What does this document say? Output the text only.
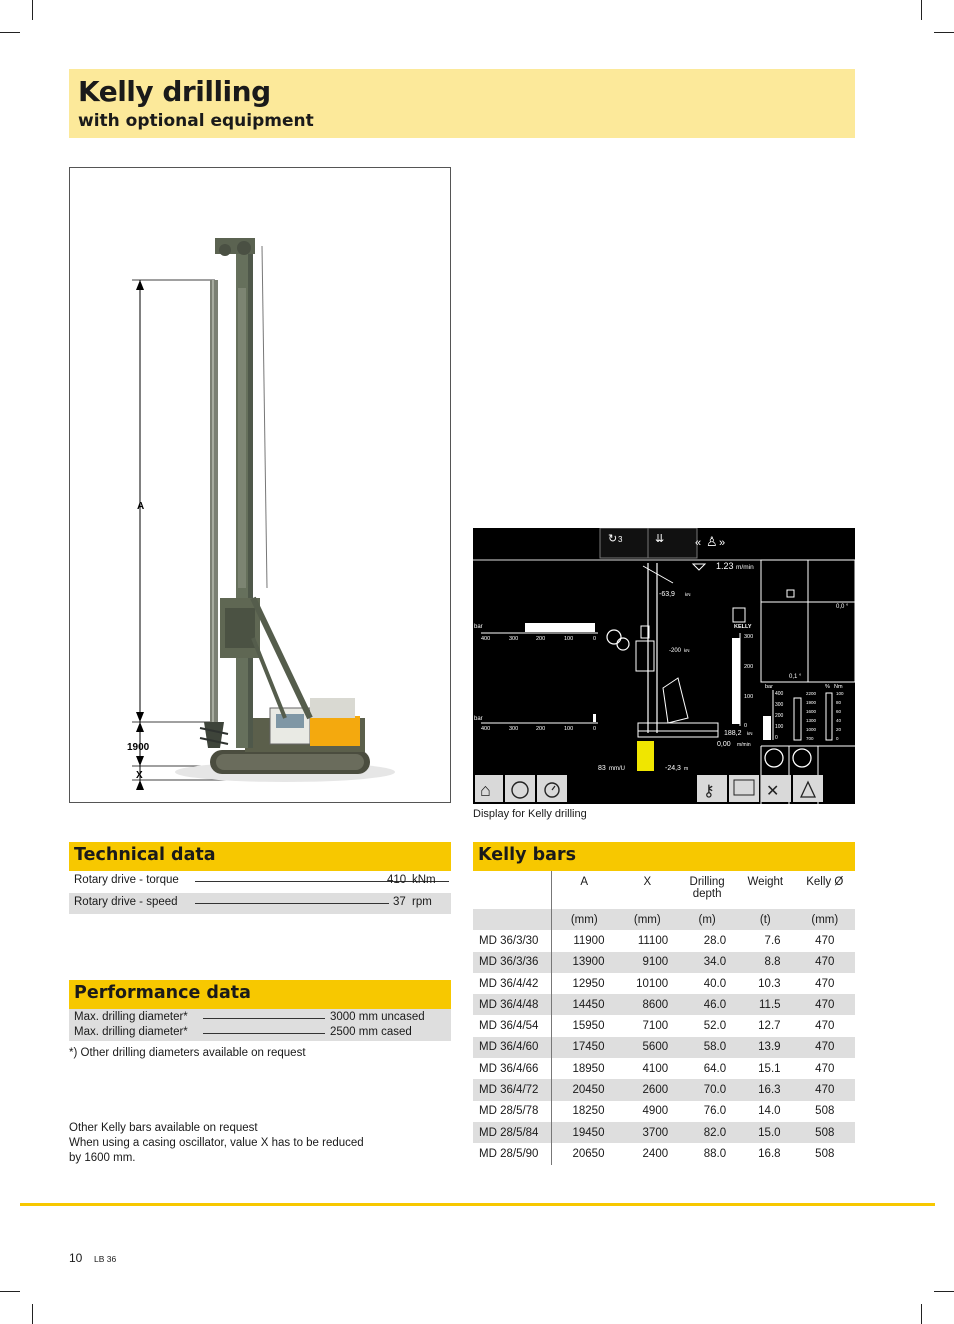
Kelly drilling
with optional equipment
A
1900
X
3
↻	⇊	« ♙ »
1.23 m/min
bar
400	300	200	100	0
bar
400	300	200	100	0
-63,9 kN
-200 kN
KELLY
300
200
100
0
188,2 kN
0,00 m/min
83 mm/U	-24,3 m
0,0 °
0,1 °
bar	% Nm
400
300
200
100
0
2200
1900
1600
1300
1000
700
100
80
60
40
20
0
⌂	⚷	✕
Display for Kelly drilling
Technical data
Rotary drive - torque	410 kNm
Rotary drive - speed	37 rpm
Performance data
Max. drilling diameter*	3000 mm uncased
Max. drilling diameter*	2500 mm cased
*) Other drilling diameters available on request
Other Kelly bars available on request
When using a casing oscillator, value X has to be reduced
by 1600 mm.
Kelly bars
	A	X	Drilling depth	Weight	Kelly Ø
	(mm)	(mm)	(m)	(t)	(mm)
MD 36/3/30	11900	11100	28.0	7.6	470
MD 36/3/36	13900	9100	34.0	8.8	470
MD 36/4/42	12950	10100	40.0	10.3	470
MD 36/4/48	14450	8600	46.0	11.5	470
MD 36/4/54	15950	7100	52.0	12.7	470
MD 36/4/60	17450	5600	58.0	13.9	470
MD 36/4/66	18950	4100	64.0	15.1	470
MD 36/4/72	20450	2600	70.0	16.3	470
MD 28/5/78	18250	4900	76.0	14.0	508
MD 28/5/84	19450	3700	82.0	15.0	508
MD 28/5/90	20650	2400	88.0	16.8	508
10 LB 36
